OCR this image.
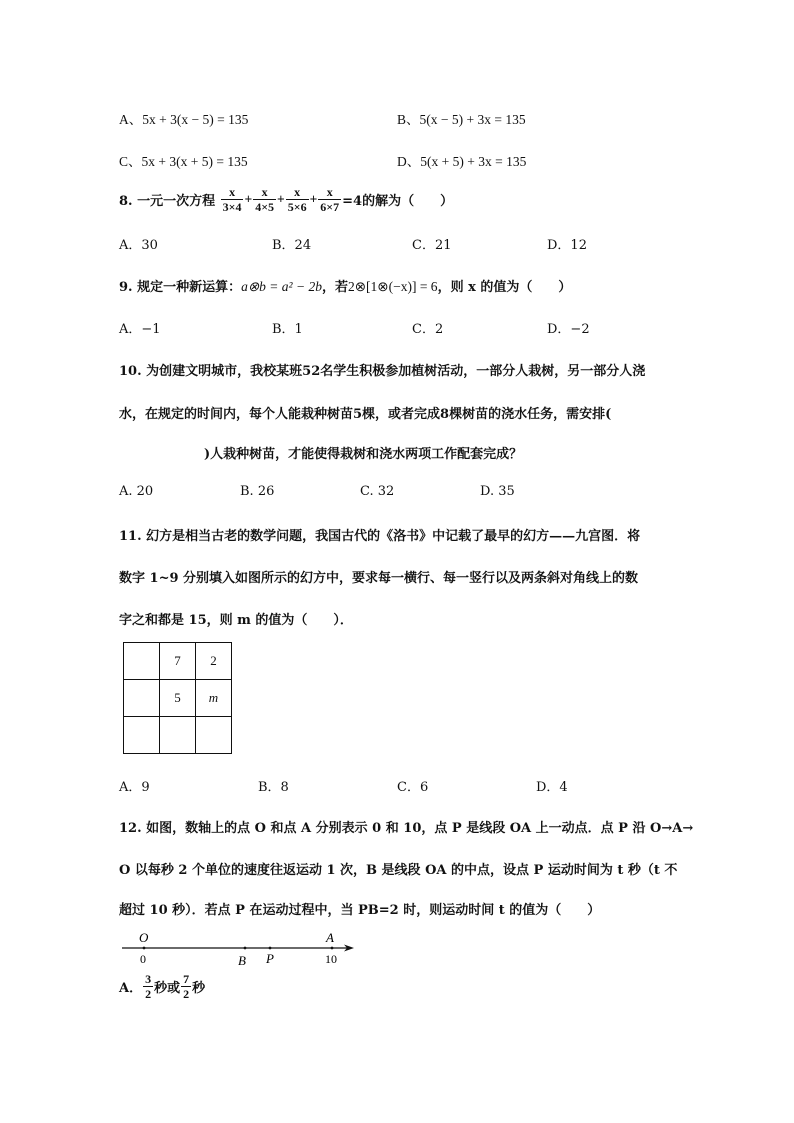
A、5x + 3(x − 5) = 135	B、5(x − 5) + 3x = 135
C、5x + 3(x + 5) = 135	D、5(x + 5) + 3x = 135
8. 一元一次方程 $\frac{x}{3\times 4} + \frac{x}{4\times 5} + \frac{x}{5\times 6} + \frac{x}{6\times 7} =4$的解为（　　）
A．30	B．24	C．21	D．12
9. 规定一种新运算：a⊗b = a² − 2b，若2⊗[1⊗(−x)] = 6，则 x 的值为（　　）
A．−1	B．1	C．2	D．−2
10. 为创建文明城市，我校某班52名学生积极参加植树活动，一部分人栽树，另一部分人浇
水，在规定的时间内，每个人能栽种树苗5棵，或者完成8棵树苗的浇水任务，需安排(
)人栽种树苗，才能使得栽树和浇水两项工作配套完成？
A. 20	B. 26	C. 32	D. 35
11. 幻方是相当古老的数学问题，我国古代的《洛书》中记载了最早的幻方——九宫图．将
数字 1~9 分别填入如图所示的幻方中，要求每一横行、每一竖行以及两条斜对角线上的数
字之和都是 15，则 m 的值为（　　）．
	7	2
	5	m

A．9	B．8	C．6	D．4
12. 如图，数轴上的点 O 和点 A 分别表示 0 和 10，点 P 是线段 OA 上一动点．点 P 沿 O→A→
O 以每秒 2 个单位的速度往返运动 1 次，B 是线段 OA 的中点，设点 P 运动时间为 t 秒（t 不
超过 10 秒）．若点 P 在运动过程中，当 PB=2 时，则运动时间 t 的值为（　　）
O
0	B P
A
10
A． $\frac{3}{2}$ 秒或 $\frac{7}{2}$ 秒
